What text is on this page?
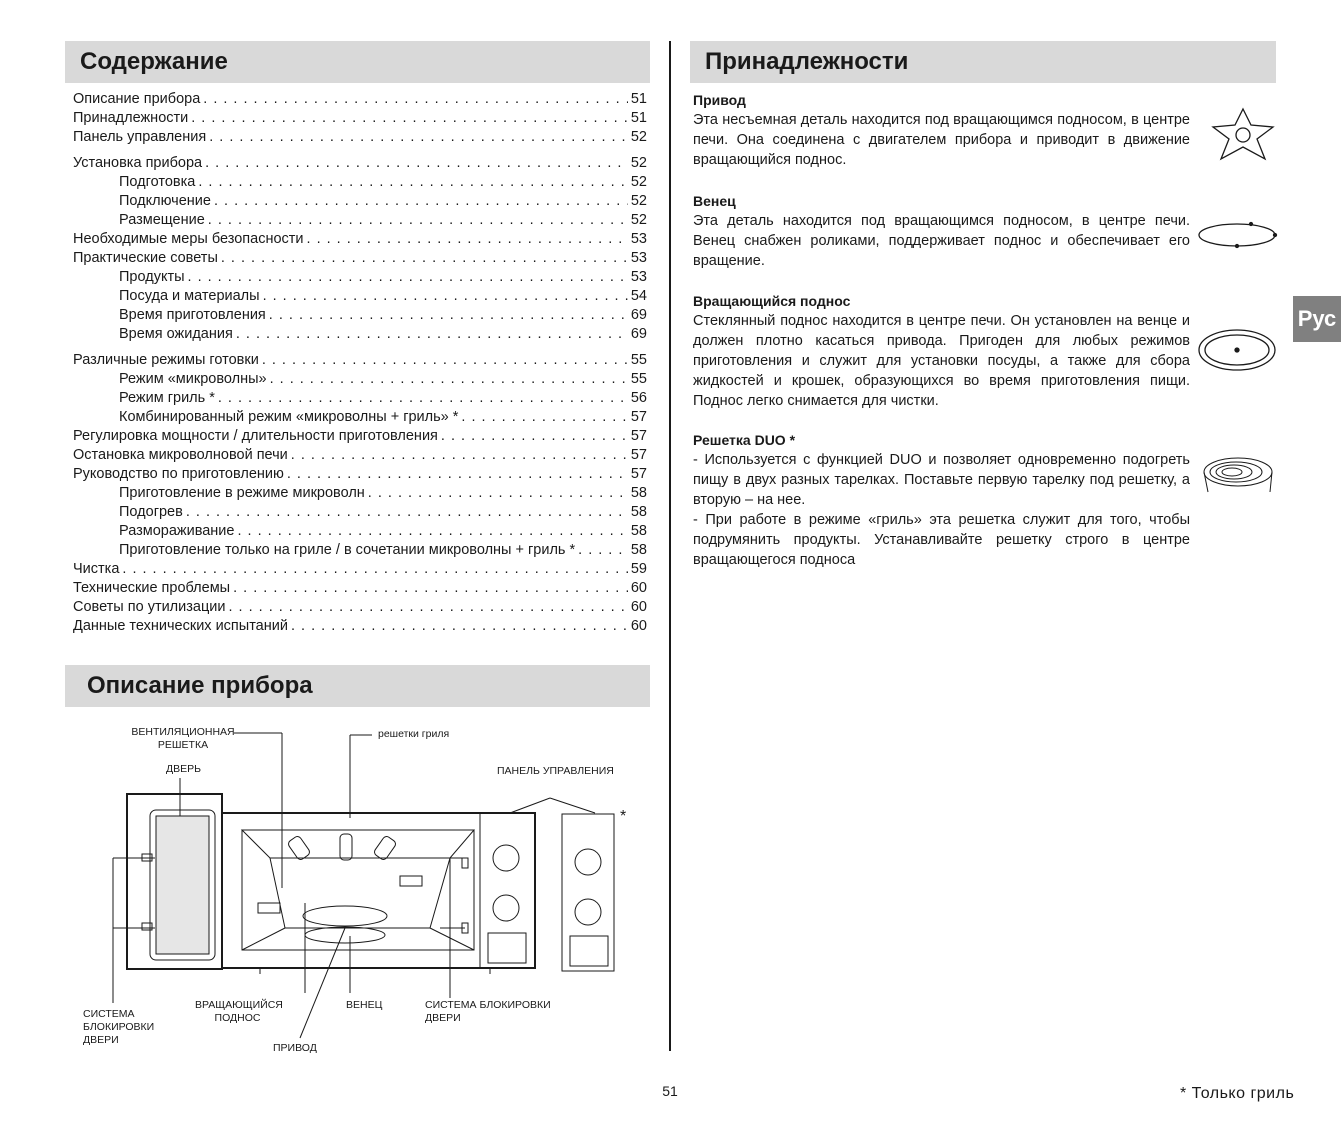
Содержание
Описание прибора . . .	51
Принадлежности . . .	51
Панель управления . . .	52
Установка прибора . . .	52
Подготовка . . .	52
Подключение . . .	52
Размещение . . .	52
Необходимые меры безопасности . . .	53
Практические советы . . .	53
Продукты . . .	53
Посуда и материалы . . .	54
Время приготовления . . .	69
Время ожидания . . .	69
Различные режимы готовки . . .	55
Режим «микроволны» . . .	55
Режим гриль * . . .	56
Комбинированный режим «микроволны + гриль» * . . .	57
Регулировка мощности / длительности приготовления . . .	57
Остановка микроволновой печи . . .	57
Руководство по приготовлению . . .	57
Приготовление в режиме микроволн . . .	58
Подогрев . . .	58
Размораживание . . .	58
Приготовление только на гриле / в сочетании микроволны + гриль * . . .	58
Чистка . . .	59
Технические проблемы . . .	60
Советы по утилизации . . .	60
Данные технических испытаний . . .	60
Описание прибора
ВЕНТИЛЯЦИОННАЯ РЕШЕТКА
ДВЕРЬ
решетки гриля
ПАНЕЛЬ УПРАВЛЕНИЯ
*
СИСТЕМА БЛОКИРОВКИ ДВЕРИ
ВРАЩАЮЩИЙСЯ ПОДНОС
ВЕНЕЦ	СИСТЕМА БЛОКИРОВКИ ДВЕРИ
ПРИВОД
Принадлежности
Привод

Эта несъемная деталь находится под вращающимся подносом, в центре печи. Она соединена с двигателем прибора и приводит в движение вращающийся поднос.

Венец

Эта деталь находится под вращающимся подносом, в центре печи. Венец снабжен роликами, поддерживает поднос и обеспечивает его вращение.

Вращающийся поднос

Стеклянный поднос находится в центре печи. Он установлен на венце и должен плотно касаться привода. Пригоден для любых режимов приготовления и служит для установки посуды, а также для сбора жидкостей и крошек, образующихся во время приготовления пищи. Поднос легко снимается для чистки.

Решетка DUO *

- Используется с функцией DUO и позволяет одновременно подогреть пищу в двух разных тарелках. Поставьте первую тарелку под решетку, а вторую – на нее.

- При работе в режиме «гриль» эта решетка служит для того, чтобы подрумянить продукты. Устанавливайте решетку строго в центре вращающегося подноса

Рус
51	* Только гриль
